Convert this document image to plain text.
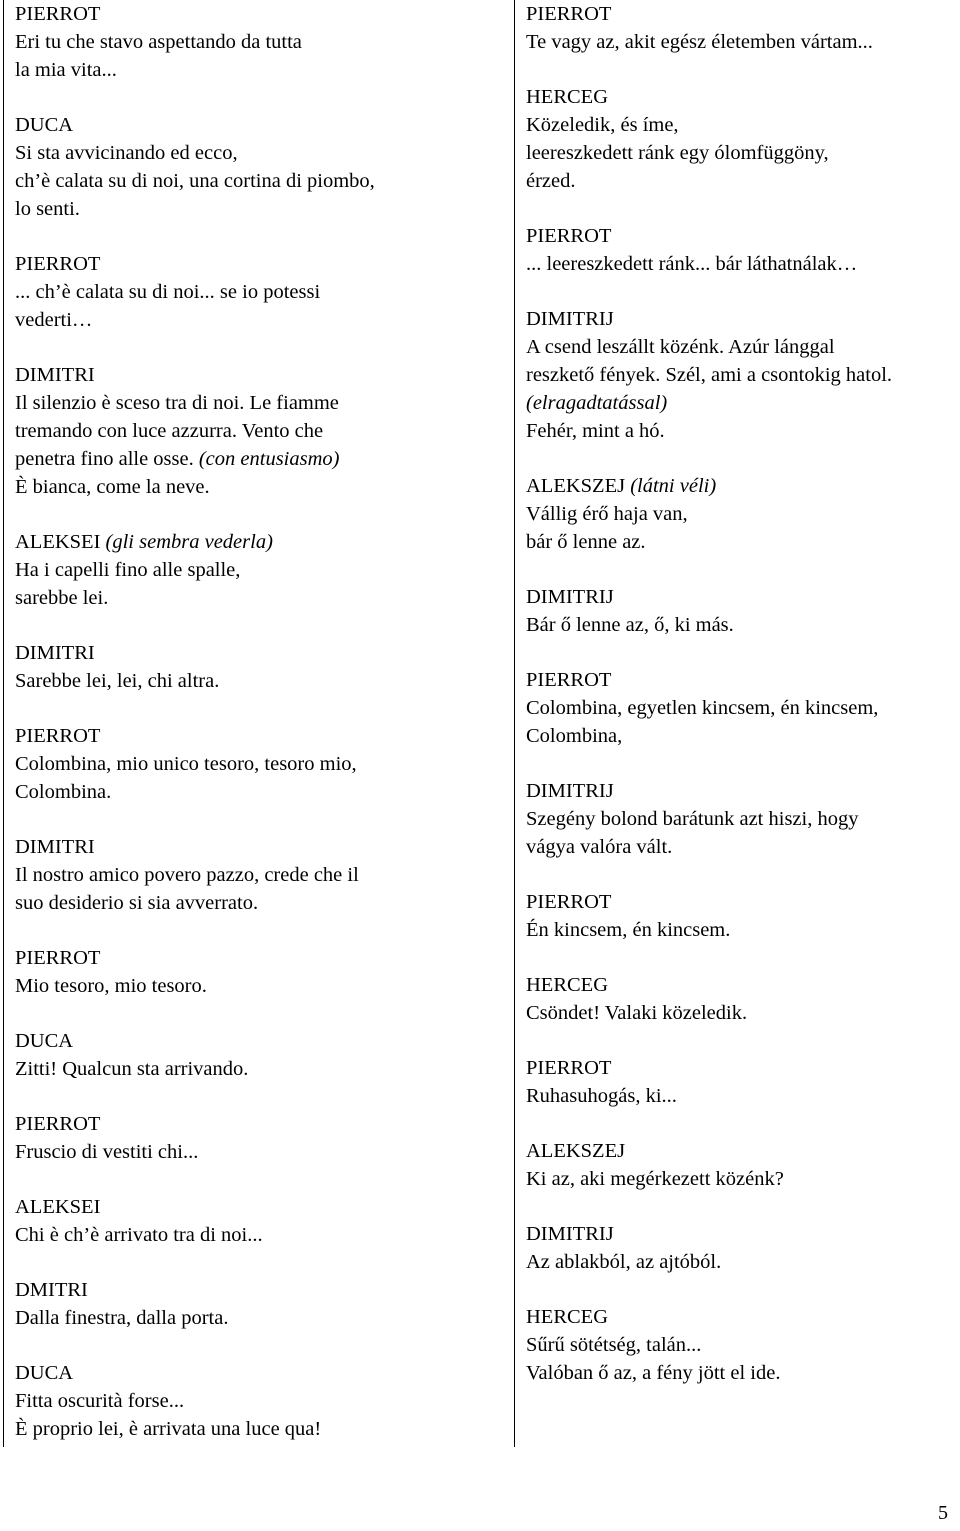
PIERROT
Eri tu che stavo aspettando da tutta
la mia vita...
DUCA
Si sta avvicinando ed ecco,
ch’è calata su di noi, una cortina di piombo,
lo senti.
PIERROT
... ch’è calata su di noi... se io potessi
vederti…
DIMITRI
Il silenzio è sceso tra di noi. Le fiamme
tremando con luce azzurra. Vento che
penetra fino alle osse. (con entusiasmo)
È bianca, come la neve.
ALEKSEI (gli sembra vederla)
Ha i capelli fino alle spalle,
sarebbe lei.
DIMITRI
Sarebbe lei, lei, chi altra.
PIERROT
Colombina, mio unico tesoro, tesoro mio,
Colombina.
DIMITRI
Il nostro amico povero pazzo, crede che il
suo desiderio si sia avverrato.
PIERROT
Mio tesoro, mio tesoro.
DUCA
Zitti! Qualcun sta arrivando.
PIERROT
Fruscio di vestiti chi...
ALEKSEI
Chi è ch’è arrivato tra di noi...
DMITRI
Dalla finestra, dalla porta.
DUCA
Fitta oscurità forse...
È proprio lei, è arrivata una luce qua!
PIERROT
Te vagy az, akit egész életemben vártam...
HERCEG
Közeledik, és íme,
leereszkedett ránk egy ólomfüggöny,
érzed.
PIERROT
... leereszkedett ránk... bár láthatnálak…
DIMITRIJ
A csend leszállt közénk. Azúr lánggal
reszkető fények. Szél, ami a csontokig hatol.
(elragadtatással)
Fehér, mint a hó.
ALEKSZEJ (látni véli)
Vállig érő haja van,
bár ő lenne az.
DIMITRIJ
Bár ő lenne az, ő, ki más.
PIERROT
Colombina, egyetlen kincsem, én kincsem,
Colombina,
DIMITRIJ
Szegény bolond barátunk azt hiszi, hogy
vágya valóra vált.
PIERROT
Én kincsem, én kincsem.
HERCEG
Csöndet! Valaki közeledik.
PIERROT
Ruhasuhogás, ki...
ALEKSZEJ
Ki az, aki megérkezett közénk?
DIMITRIJ
Az ablakból, az ajtóból.
HERCEG
Sűrű sötétség, talán...
Valóban ő az, a fény jött el ide.
5
